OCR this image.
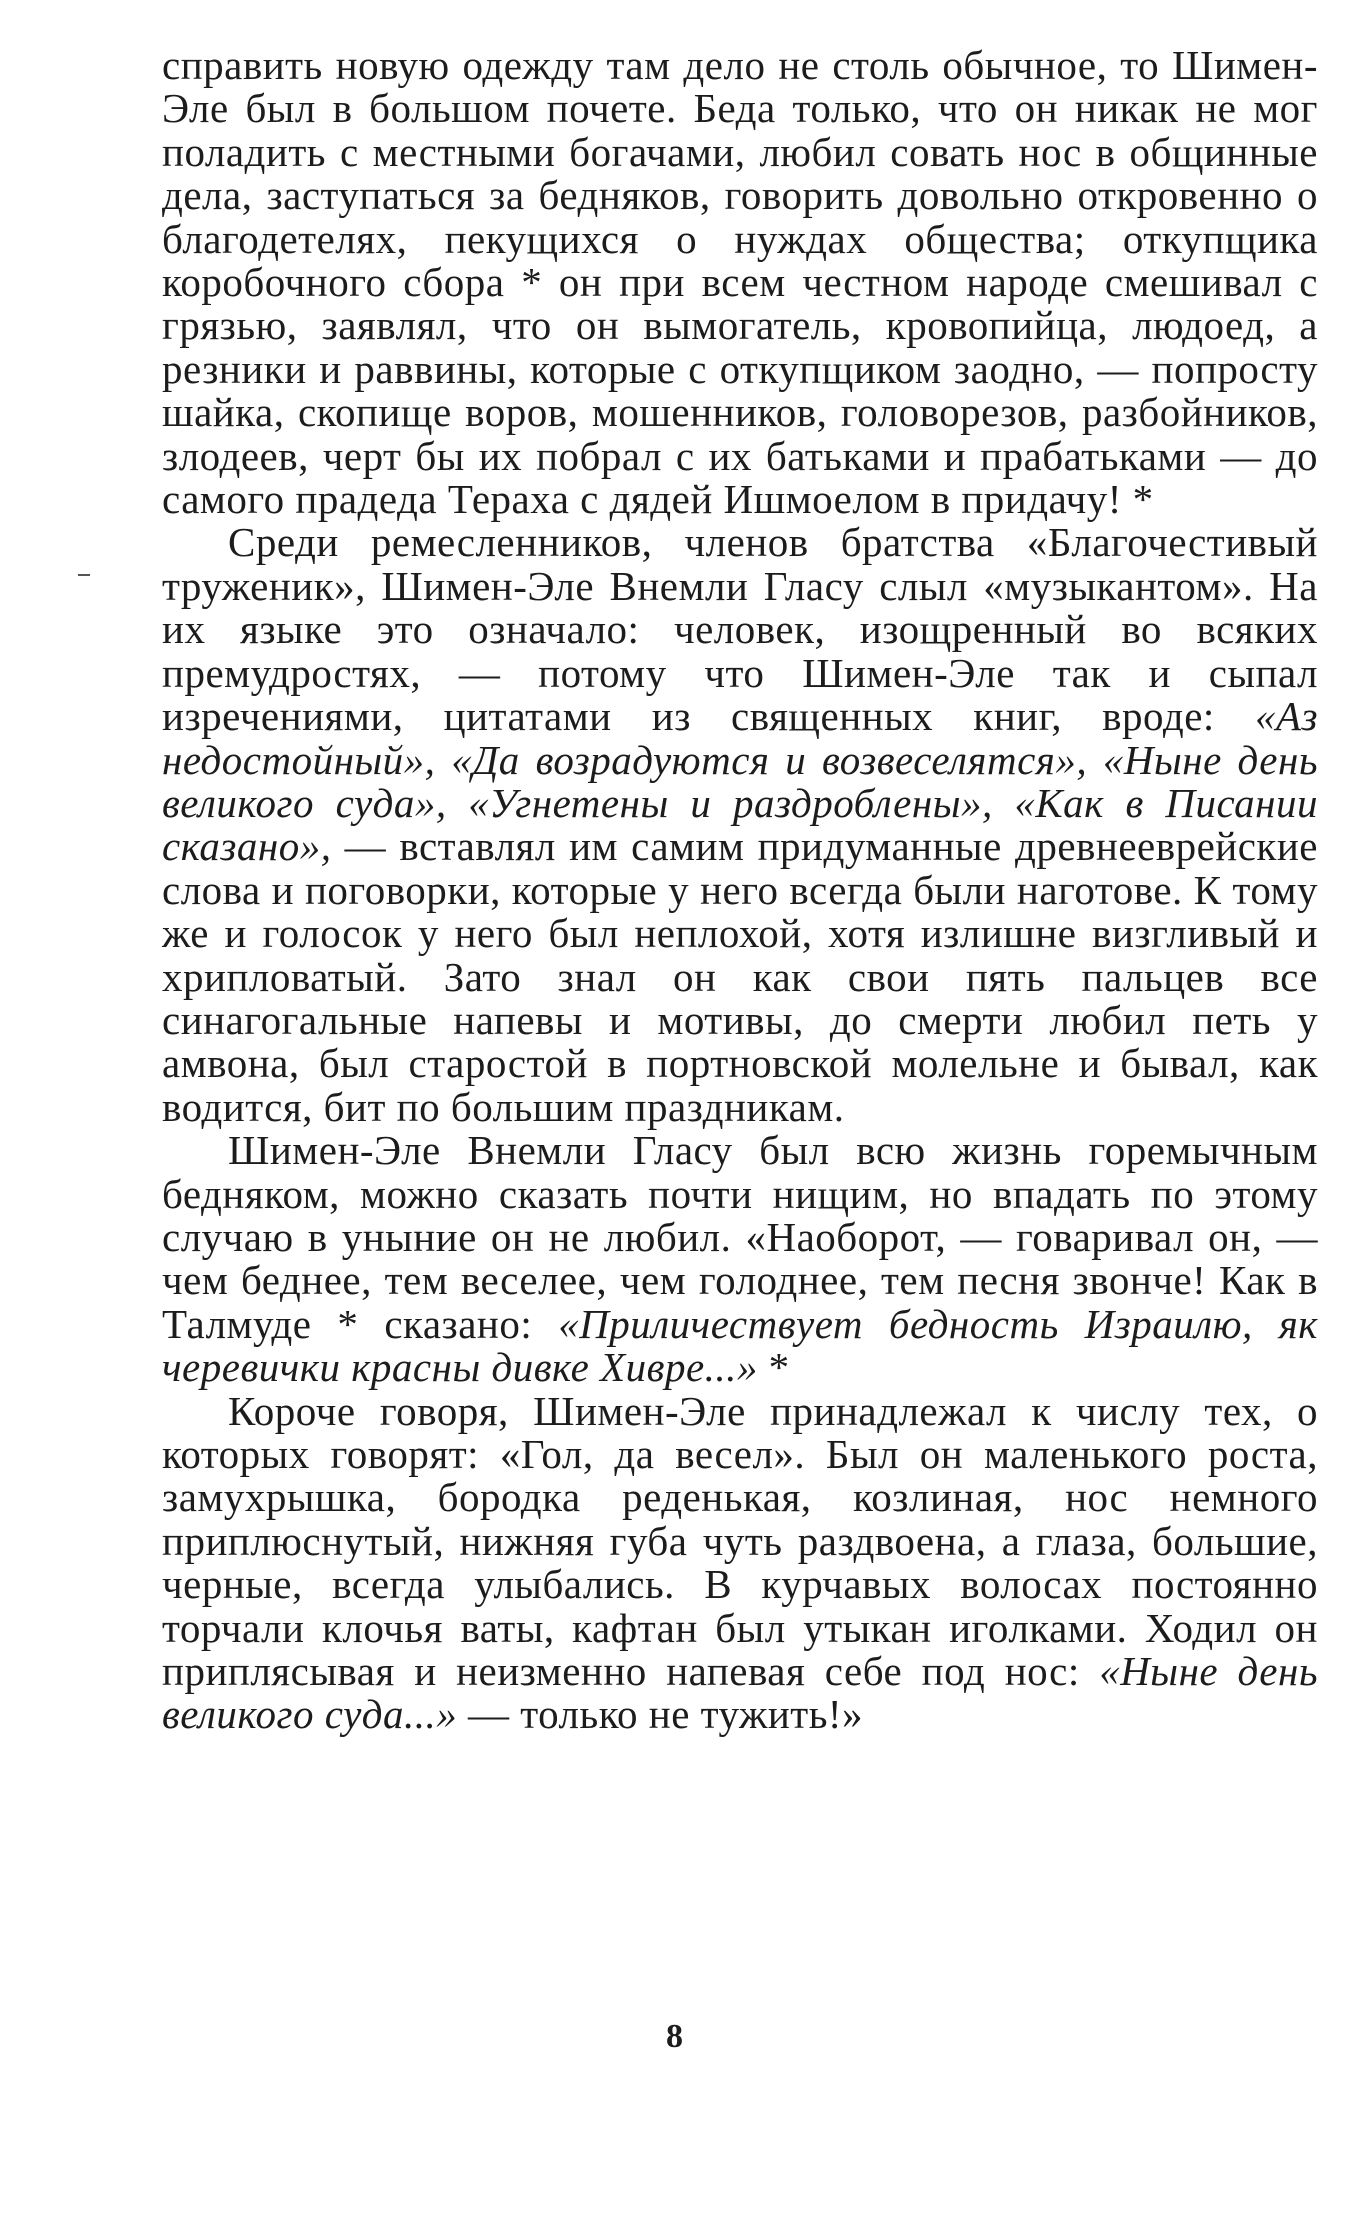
справить новую одежду там дело не столь обычное, то Шимен-Эле был в большом почете. Беда только, что он никак не мог поладить с местными богачами, любил совать нос в общинные дела, заступаться за бедняков, говорить довольно откровенно о благодетелях, пекущихся о нуждах общества; откупщика коробочного сбора * он при всем честном народе смешивал с грязью, заявлял, что он вымогатель, кровопийца, людоед, а резники и раввины, которые с откупщиком заодно, — попросту шайка, скопище воров, мошенников, головорезов, разбойников, злодеев, черт бы их побрал с их батьками и прабатьками — до самого прадеда Тераха с дядей Ишмоелом в придачу! *

Среди ремесленников, членов братства «Благочестивый труженик», Шимен-Эле Внемли Гласу слыл «музыкантом». На их языке это означало: человек, изощренный во всяких премудростях, — потому что Шимен-Эле так и сыпал изречениями, цитатами из священных книг, вроде: «Аз недостойный», «Да возрадуются и возвеселятся», «Ныне день великого суда», «Угнетены и раздроблены», «Как в Писании сказано», — вставлял им самим придуманные древнееврейские слова и поговорки, которые у него всегда были наготове. К тому же и голосок у него был неплохой, хотя излишне визгливый и хрипловатый. Зато знал он как свои пять пальцев все синагогальные напевы и мотивы, до смерти любил петь у амвона, был старостой в портновской молельне и бывал, как водится, бит по большим праздникам.

Шимен-Эле Внемли Гласу был всю жизнь горемычным бедняком, можно сказать почти нищим, но впадать по этому случаю в уныние он не любил. «Наоборот, — говаривал он, — чем беднее, тем веселее, чем голоднее, тем песня звонче! Как в Талмуде * сказано: «Приличествует бедность Израилю, як черевички красны дивке Хивре...» *

Короче говоря, Шимен-Эле принадлежал к числу тех, о которых говорят: «Гол, да весел». Был он маленького роста, замухрышка, бородка реденькая, козлиная, нос немного приплюснутый, нижняя губа чуть раздвоена, а глаза, большие, черные, всегда улыбались. В курчавых волосах постоянно торчали клочья ваты, кафтан был утыкан иголками. Ходил он приплясывая и неизменно напевая себе под нос: «Ныне день великого суда...» — только не тужить!»

8
